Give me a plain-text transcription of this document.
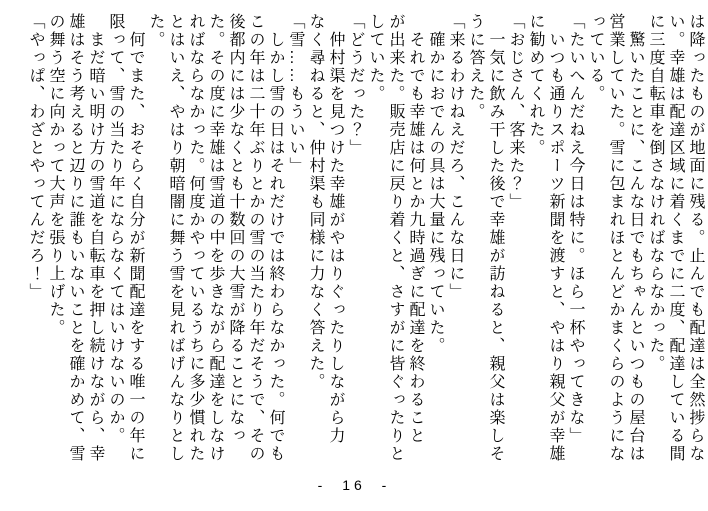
は降ったものが地面に残る。止んでも配達は全然捗らな
い。幸雄は配達区域に着くまでに二度、配達している間
に三度自転車を倒さなければならなかった。
　驚いたことに、こんな日でもちゃんといつもの屋台は
営業していた。雪に包まれほとんどかまくらのようにな
っている。
「たいへんだねえ今日は特に。ほら一杯やってきな」
　いつも通りスポーツ新聞を渡すと、やはり親父が幸雄
に勧めてくれた。
「おじさん、客来た？」
　一気に飲み干した後で幸雄が訪ねると、親父は楽しそ
うに答えた。
「来るわけねえだろ、こんな日に」
　確かにおでんの具は大量に残っていた。
　それでも幸雄は何とか九時過ぎに配達を終わること
が出来た。販売店に戻り着くと、さすがに皆ぐったりと
していた。
「どうだった？」
　仲村渠を見つけた幸雄がやはりぐったりしながら力
なく尋ねると、仲村渠も同様に力なく答えた。
「雪……もういい」
　しかし雪の日はそれだけでは終わらなかった。何でも
この年は二十年ぶりとかの雪の当たり年だそうで、その
後都内には少なくとも十数回の大雪が降ることになっ
た。その度に幸雄は雪道の中を歩きながら配達をしなけ
ればならなかった。何度かやっているうちに多少慣れた
とはいえ、やはり朝暗闇に舞う雪を見ればげんなりとし
た。
　何でまた、おそらく自分が新聞配達をする唯一の年に
限って、雪の当たり年にならなくてはいけないのか。
　まだ暗い明け方の雪道を自転車を押し続けながら、幸
雄はそう考えると辺りに誰もいないことを確かめて、雪
の舞う空に向かって大声を張り上げた。
「やっぱ、わざとやってんだろ！」
- 16 -
